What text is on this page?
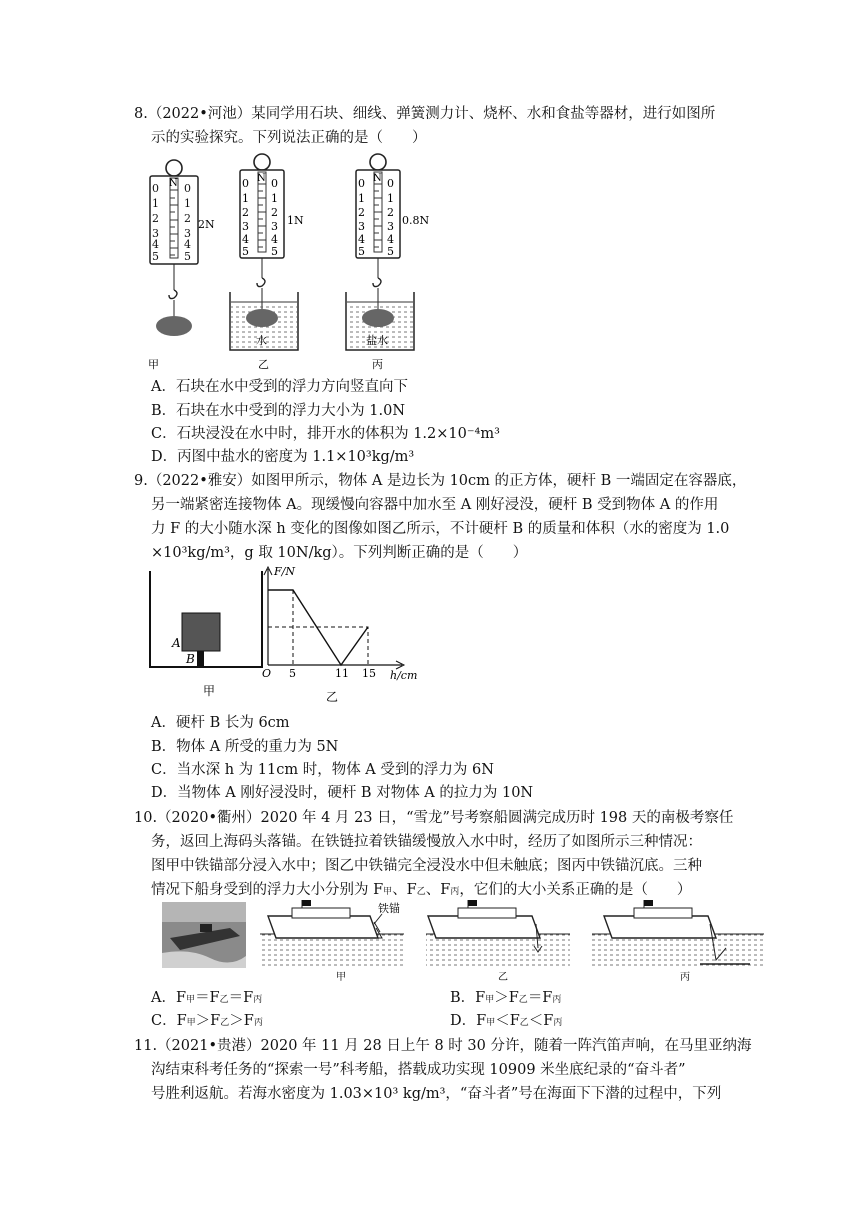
8.（2022•河池）某同学用石块、细线、弹簧测力计、烧杯、水和食盐等器材，进行如图所
示的实验探究。下列说法正确的是（　　）
N
0
1
2
3
4
5
0
1
2
3
4
5
2N
甲
N
0
1
2
3
4
5
0
1
2
3
4
5
水
1N
乙
N
0
1
2
3
4
5
0
1
2
3
4
5
盐水
0.8N
丙
A．石块在水中受到的浮力方向竖直向下
B．石块在水中受到的浮力大小为 1.0N
C．石块浸没在水中时，排开水的体积为 1.2×10⁻⁴m³
D．丙图中盐水的密度为 1.1×10³kg/m³
9.（2022•雅安）如图甲所示，物体 A 是边长为 10cm 的正方体，硬杆 B 一端固定在容器底，
另一端紧密连接物体 A。现缓慢向容器中加水至 A 刚好浸没，硬杆 B 受到物体 A 的作用
力 F 的大小随水深 h 变化的图像如图乙所示，不计硬杆 B 的质量和体积（水的密度为 1.0
×10³kg/m³，g 取 10N/kg）。下列判断正确的是（　　）
A
B
甲
F/N
h/cm
O 5	11 15
乙
A．硬杆 B 长为 6cm
B．物体 A 所受的重力为 5N
C．当水深 h 为 11cm 时，物体 A 受到的浮力为 6N
D．当物体 A 刚好浸没时，硬杆 B 对物体 A 的拉力为 10N
10.（2020•衢州）2020 年 4 月 23 日，“雪龙”号考察船圆满完成历时 198 天的南极考察任
务，返回上海码头落锚。在铁链拉着铁锚缓慢放入水中时，经历了如图所示三种情况：
图甲中铁锚部分浸入水中；图乙中铁锚完全浸没水中但未触底；图丙中铁锚沉底。三种
情况下船身受到的浮力大小分别为 F甲、F乙、F丙，它们的大小关系正确的是（　　）
铁锚
甲	乙	丙
A．F甲＝F乙＝F丙	B．F甲＞F乙＝F丙
C．F甲＞F乙＞F丙	D．F甲＜F乙＜F丙
11.（2021•贵港）2020 年 11 月 28 日上午 8 时 30 分许，随着一阵汽笛声响，在马里亚纳海
沟结束科考任务的“探索一号”科考船，搭载成功实现 10909 米坐底纪录的“奋斗者”
号胜利返航。若海水密度为 1.03×10³ kg/m³，“奋斗者”号在海面下下潜的过程中，下列
